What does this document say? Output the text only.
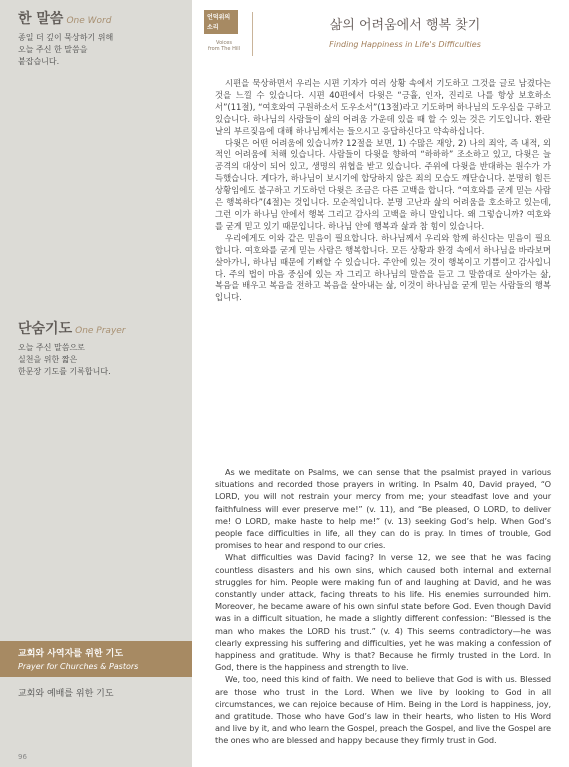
한 말씀 One Word
종일 더 깊이 묵상하기 위해
오늘 주신 한 말씀을
붙잡습니다.
단숨기도 One Prayer
오늘 주신 말씀으로
실천을 위한 짧은
한문장 기도를 기록합니다.
교회와 사역자를 위한 기도
Prayer for Churches & Pastors
교회와 예배를 위한 기도
96
언덕위의
소리
Voices
from The Hill
삶의 어려움에서 행복 찾기
Finding Happiness in Life's Difficulties

시편을 묵상하면서 우리는 시편 기자가 여러 상황 속에서 기도하고 그것을 글로 남겼다는 것을 느낄 수 있습니다. 시편 40편에서 다윗은 “긍휼, 인자, 진리로 나를 항상 보호하소서”(11절), “여호와여 구원하소서 도우소서”(13절)라고 기도하며 하나님의 도우심을 구하고 있습니다. 하나님의 사람들이 삶의 어려움 가운데 있을 때 할 수 있는 것은 기도입니다. 환란 날의 부르짖음에 대해 하나님께서는 들으시고 응답하신다고 약속하십니다.

다윗은 어떤 어려움에 있습니까? 12절을 보면, 1) 수많은 재앙, 2) 나의 죄악, 즉 내적, 외적인 어려움에 처해 있습니다. 사람들이 다윗을 향하여 “하하하” 조소하고 있고, 다윗은 늘 공격의 대상이 되어 있고, 생명의 위협을 받고 있습니다. 주위에 다윗을 반대하는 원수가 가득했습니다. 게다가, 하나님이 보시기에 합당하지 않은 죄의 모습도 깨닫습니다. 분명히 힘든 상황임에도 불구하고 기도하던 다윗은 조금은 다른 고백을 합니다. “여호와를 굳게 믿는 사람은 행복하다”(4절)는 것입니다. 모순적입니다. 분명 고난과 삶의 어려움을 호소하고 있는데, 그런 이가 하나님 안에서 행복 그리고 감사의 고백을 하니 말입니다. 왜 그렇습니까? 여호와를 굳게 믿고 있기 때문입니다. 하나님 안에 행복과 삶과 참 힘이 있습니다.

우리에게도 이와 같은 믿음이 필요합니다. 하나님께서 우리와 함께 하신다는 믿음이 필요합니다. 여호와를 굳게 믿는 사람은 행복합니다. 모든 상황과 환경 속에서 하나님을 바라보며 살아가니, 하나님 때문에 기뻐할 수 있습니다. 주안에 있는 것이 행복이고 기쁨이고 감사입니다. 주의 법이 마음 중심에 있는 자 그리고 하나님의 말씀을 듣고 그 말씀대로 살아가는 삶, 복음을 배우고 복음을 전하고 복음을 살아내는 삶, 이것이 하나님을 굳게 믿는 사람들의 행복입니다.

As we meditate on Psalms, we can sense that the psalmist prayed in various situations and recorded those prayers in writing. In Psalm 40, David prayed, “O LORD, you will not restrain your mercy from me; your steadfast love and your faithfulness will ever preserve me!” (v. 11), and “Be pleased, O LORD, to deliver me! O LORD, make haste to help me!” (v. 13) seeking God’s help. When God’s people face difficulties in life, all they can do is pray. In times of trouble, God promises to hear and respond to our cries.

What difficulties was David facing? In verse 12, we see that he was facing countless disasters and his own sins, which caused both internal and external struggles for him. People were making fun of and laughing at David, and he was constantly under attack, facing threats to his life. His enemies surrounded him. Moreover, he became aware of his own sinful state before God. Even though David was in a difficult situation, he made a slightly different confession: “Blessed is the man who makes the LORD his trust.” (v. 4) This seems contradictory—he was clearly expressing his suffering and difficulties, yet he was making a confession of happiness and gratitude. Why is that? Because he firmly trusted in the Lord. In God, there is the happiness and strength to live.

We, too, need this kind of faith. We need to believe that God is with us. Blessed are those who trust in the Lord. When we live by looking to God in all circumstances, we can rejoice because of Him. Being in the Lord is happiness, joy, and gratitude. Those who have God’s law in their hearts, who listen to His Word and live by it, and who learn the Gospel, preach the Gospel, and live the Gospel are the ones who are blessed and happy because they firmly trust in God.
